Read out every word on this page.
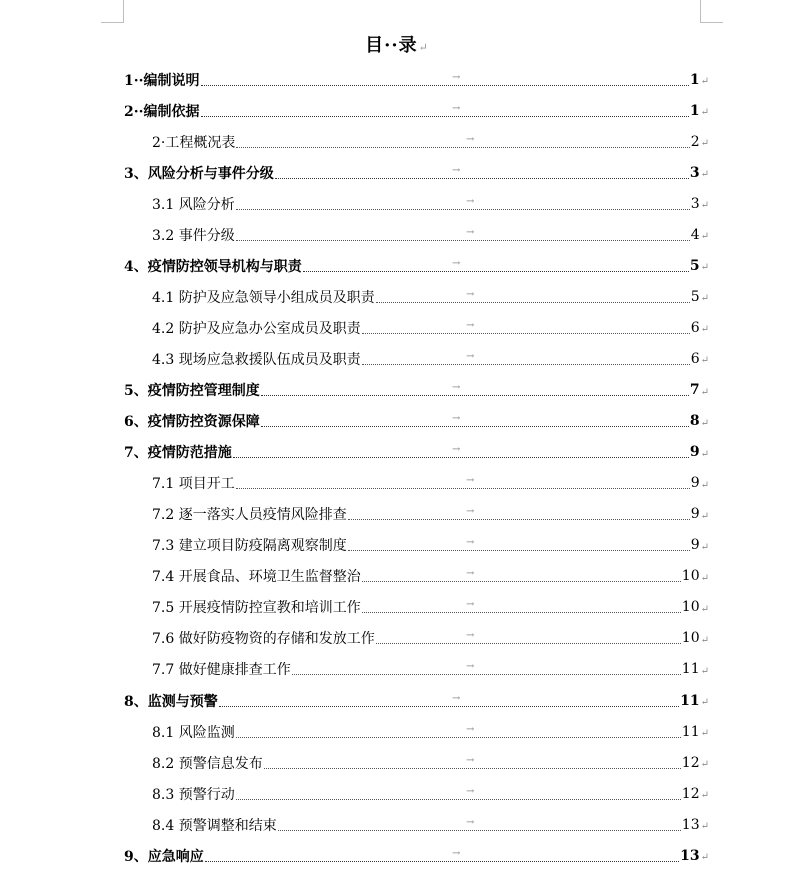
目··录↵
1··编制说明	→	1 ↵
2··编制依据	→	1 ↵
2·工程概况表	→	2 ↵
3、风险分析与事件分级	→	3 ↵
3.1 风险分析	→	3 ↵
3.2 事件分级	→	4 ↵
4、疫情防控领导机构与职责	→	5 ↵
4.1 防护及应急领导小组成员及职责	→	5 ↵
4.2 防护及应急办公室成员及职责	→	6 ↵
4.3 现场应急救援队伍成员及职责	→	6 ↵
5、疫情防控管理制度	→	7 ↵
6、疫情防控资源保障	→	8 ↵
7、疫情防范措施	→	9 ↵
7.1 项目开工	→	9 ↵
7.2 逐一落实人员疫情风险排查	→	9 ↵
7.3 建立项目防疫隔离观察制度	→	9 ↵
7.4 开展食品、环境卫生监督整治	→	10 ↵
7.5 开展疫情防控宣教和培训工作	→	10 ↵
7.6 做好防疫物资的存储和发放工作	→	10 ↵
7.7 做好健康排查工作	→	11 ↵
8、监测与预警	→	11 ↵
8.1 风险监测	→	11 ↵
8.2 预警信息发布	→	12 ↵
8.3 预警行动	→	12 ↵
8.4 预警调整和结束	→	13 ↵
9、应急响应	→	13 ↵
